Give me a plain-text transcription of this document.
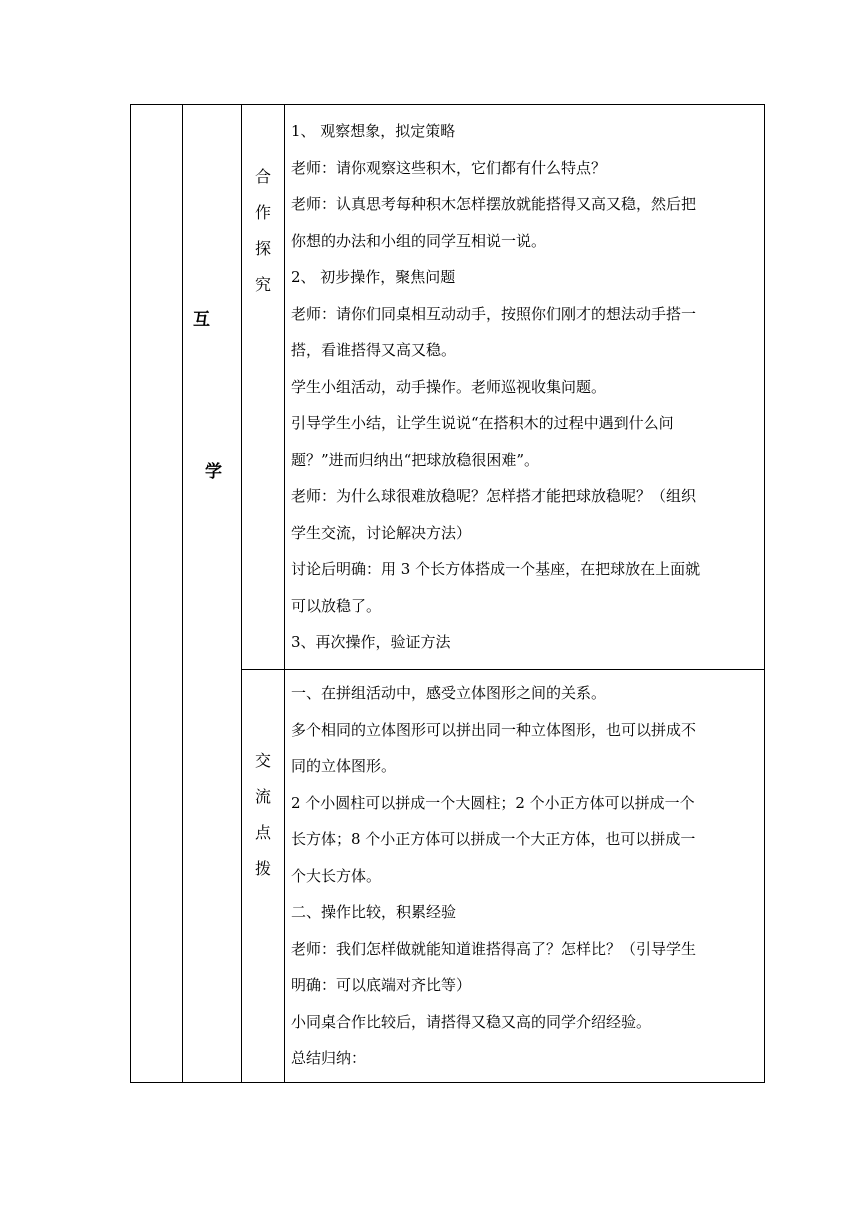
互
学
合
作
探
究
交
流
点
拨

1、 观察想象，拟定策略

老师：请你观察这些积木，它们都有什么特点？

老师：认真思考每种积木怎样摆放就能搭得又高又稳，然后把

你想的办法和小组的同学互相说一说。

2、 初步操作，聚焦问题

老师：请你们同桌相互动动手，按照你们刚才的想法动手搭一

搭，看谁搭得又高又稳。

学生小组活动，动手操作。老师巡视收集问题。

引导学生小结，让学生说说“在搭积木的过程中遇到什么问

题？”进而归纳出“把球放稳很困难”。

老师：为什么球很难放稳呢？怎样搭才能把球放稳呢？（组织

学生交流，讨论解决方法）

讨论后明确：用 3 个长方体搭成一个基座，在把球放在上面就

可以放稳了。

3、再次操作，验证方法

一、在拼组活动中，感受立体图形之间的关系。

多个相同的立体图形可以拼出同一种立体图形，也可以拼成不

同的立体图形。

2 个小圆柱可以拼成一个大圆柱；2 个小正方体可以拼成一个

长方体；8 个小正方体可以拼成一个大正方体，也可以拼成一

个大长方体。

二、操作比较，积累经验

老师：我们怎样做就能知道谁搭得高了？怎样比？（引导学生

明确：可以底端对齐比等）

小同桌合作比较后，请搭得又稳又高的同学介绍经验。

总结归纳：
